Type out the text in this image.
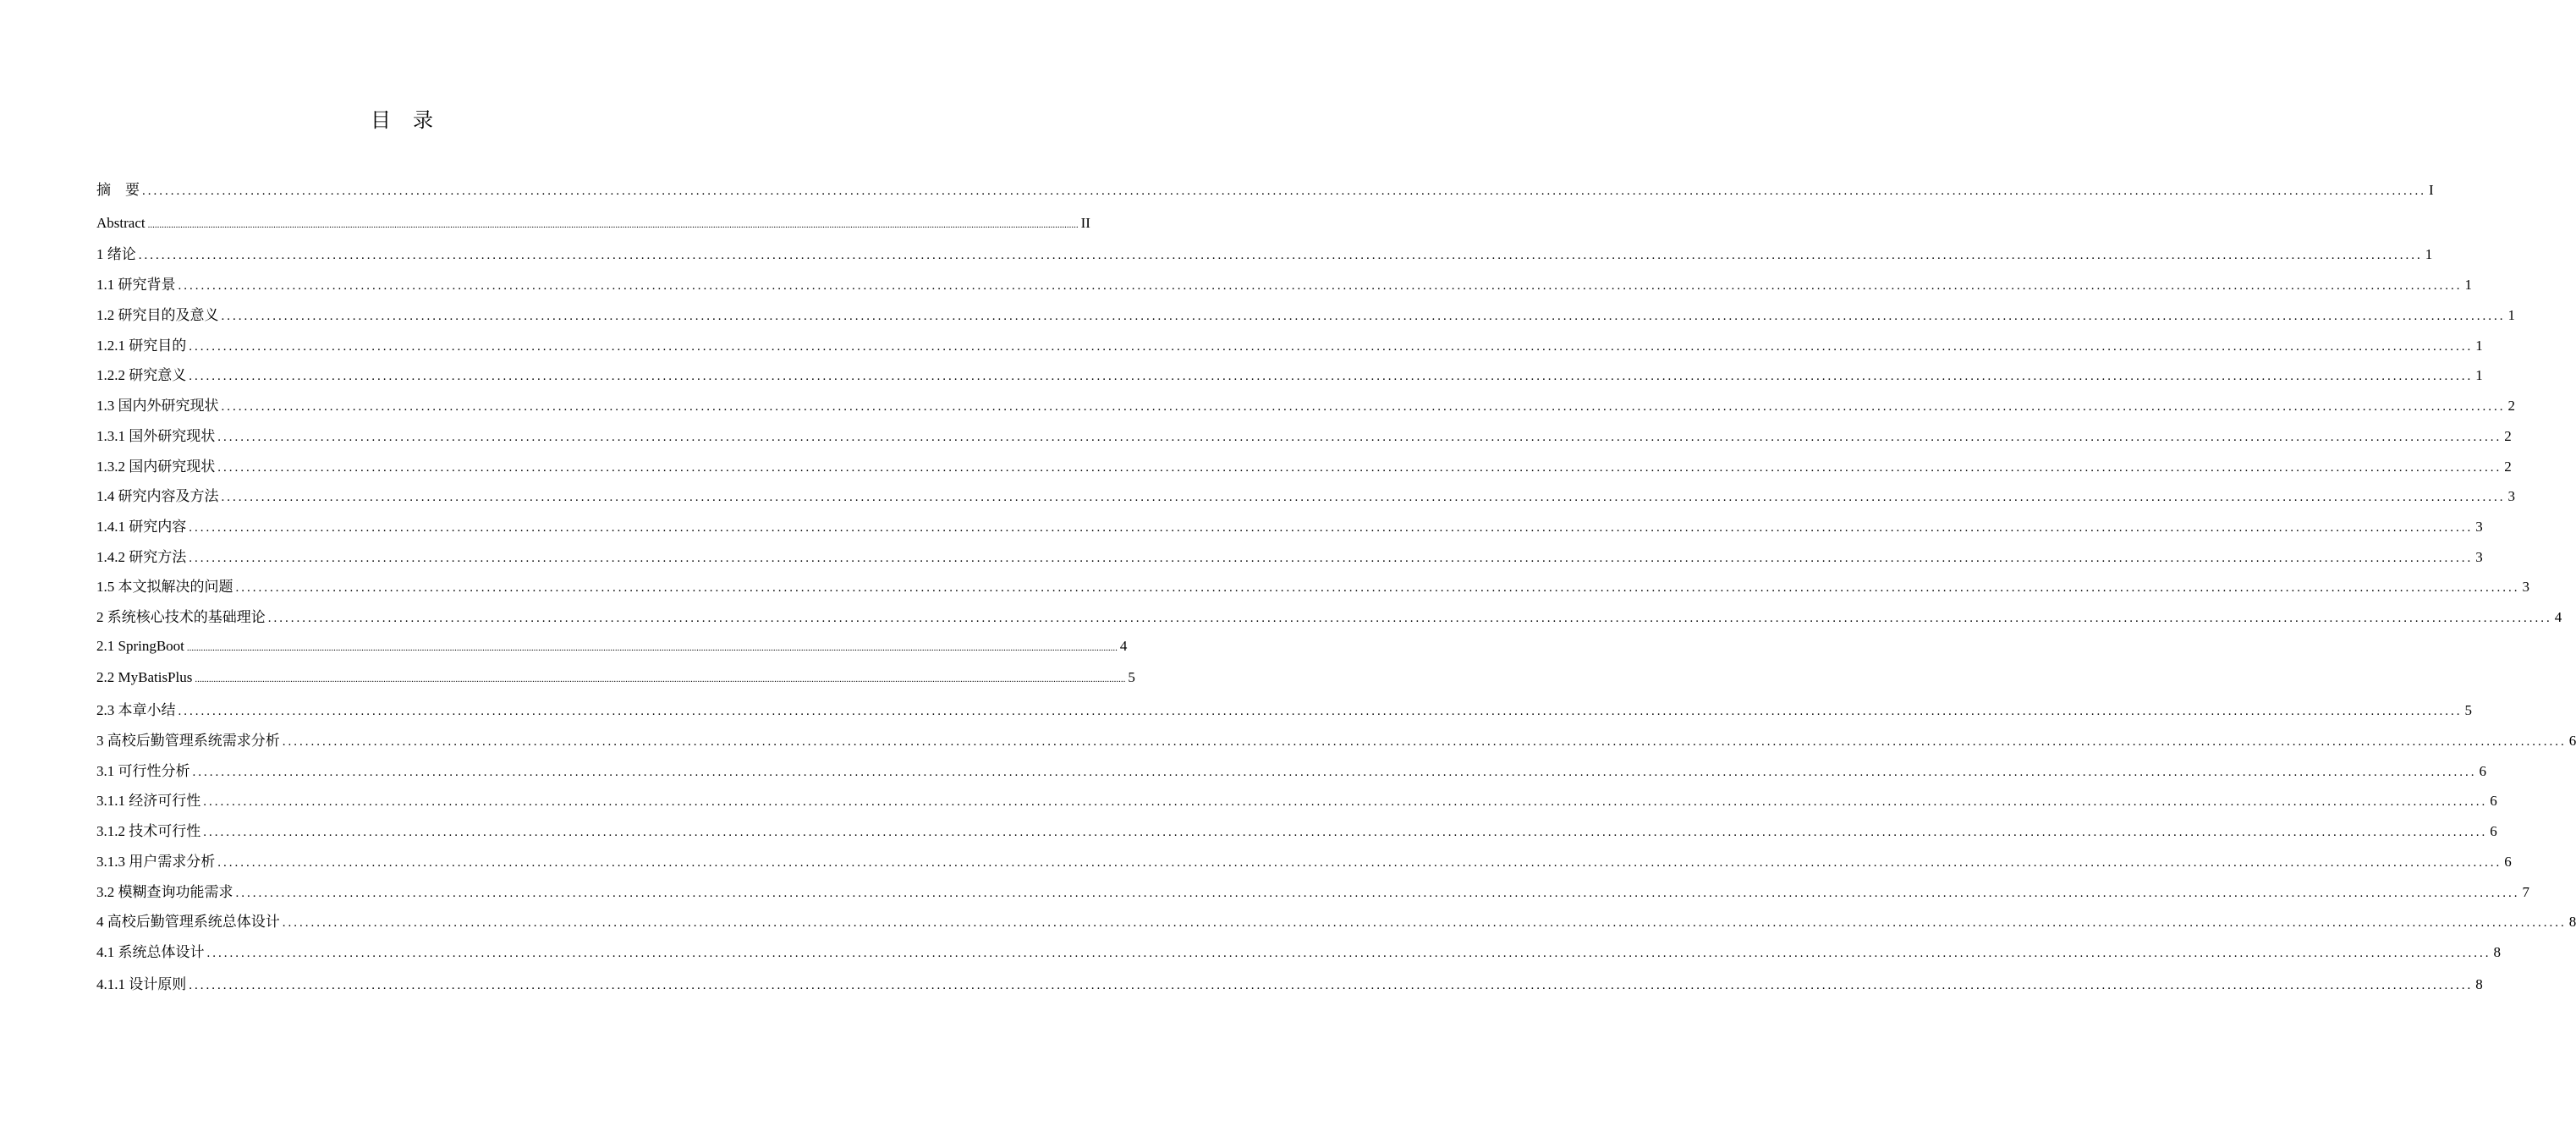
目 录
摘　要 ................................................................................................................................................................................................................................................................................................................................................................................................................ I
Abstract ................................................................................................................................................................................................................................................................................................................................................................................................................ II
1 绪论 ................................................................................................................................................................................................................................................................................................................................................................................................................ 1
1.1 研究背景 ................................................................................................................................................................................................................................................................................................................................................................................................................ 1
1.2 研究目的及意义 ................................................................................................................................................................................................................................................................................................................................................................................................................ 1
1.2.1 研究目的 ................................................................................................................................................................................................................................................................................................................................................................................................................ 1
1.2.2 研究意义 ................................................................................................................................................................................................................................................................................................................................................................................................................ 1
1.3 国内外研究现状 ................................................................................................................................................................................................................................................................................................................................................................................................................ 2
1.3.1 国外研究现状 ................................................................................................................................................................................................................................................................................................................................................................................................................ 2
1.3.2 国内研究现状 ................................................................................................................................................................................................................................................................................................................................................................................................................ 2
1.4 研究内容及方法 ................................................................................................................................................................................................................................................................................................................................................................................................................ 3
1.4.1 研究内容 ................................................................................................................................................................................................................................................................................................................................................................................................................ 3
1.4.2 研究方法 ................................................................................................................................................................................................................................................................................................................................................................................................................ 3
1.5 本文拟解决的问题 ................................................................................................................................................................................................................................................................................................................................................................................................................ 3
2 系统核心技术的基础理论 ................................................................................................................................................................................................................................................................................................................................................................................................................ 4
2.1 SpringBoot ................................................................................................................................................................................................................................................................................................................................................................................................................ 4
2.2 MyBatisPlus ................................................................................................................................................................................................................................................................................................................................................................................................................ 5
2.3 本章小结 ................................................................................................................................................................................................................................................................................................................................................................................................................ 5
3 高校后勤管理系统需求分析 ................................................................................................................................................................................................................................................................................................................................................................................................................ 6
3.1 可行性分析 ................................................................................................................................................................................................................................................................................................................................................................................................................ 6
3.1.1 经济可行性 ................................................................................................................................................................................................................................................................................................................................................................................................................ 6
3.1.2 技术可行性 ................................................................................................................................................................................................................................................................................................................................................................................................................ 6
3.1.3 用户需求分析 ................................................................................................................................................................................................................................................................................................................................................................................................................ 6
3.2 模糊查询功能需求 ................................................................................................................................................................................................................................................................................................................................................................................................................ 7
4 高校后勤管理系统总体设计 ................................................................................................................................................................................................................................................................................................................................................................................................................ 8
4.1 系统总体设计 ................................................................................................................................................................................................................................................................................................................................................................................................................ 8
4.1.1 设计原则 ................................................................................................................................................................................................................................................................................................................................................................................................................ 8
